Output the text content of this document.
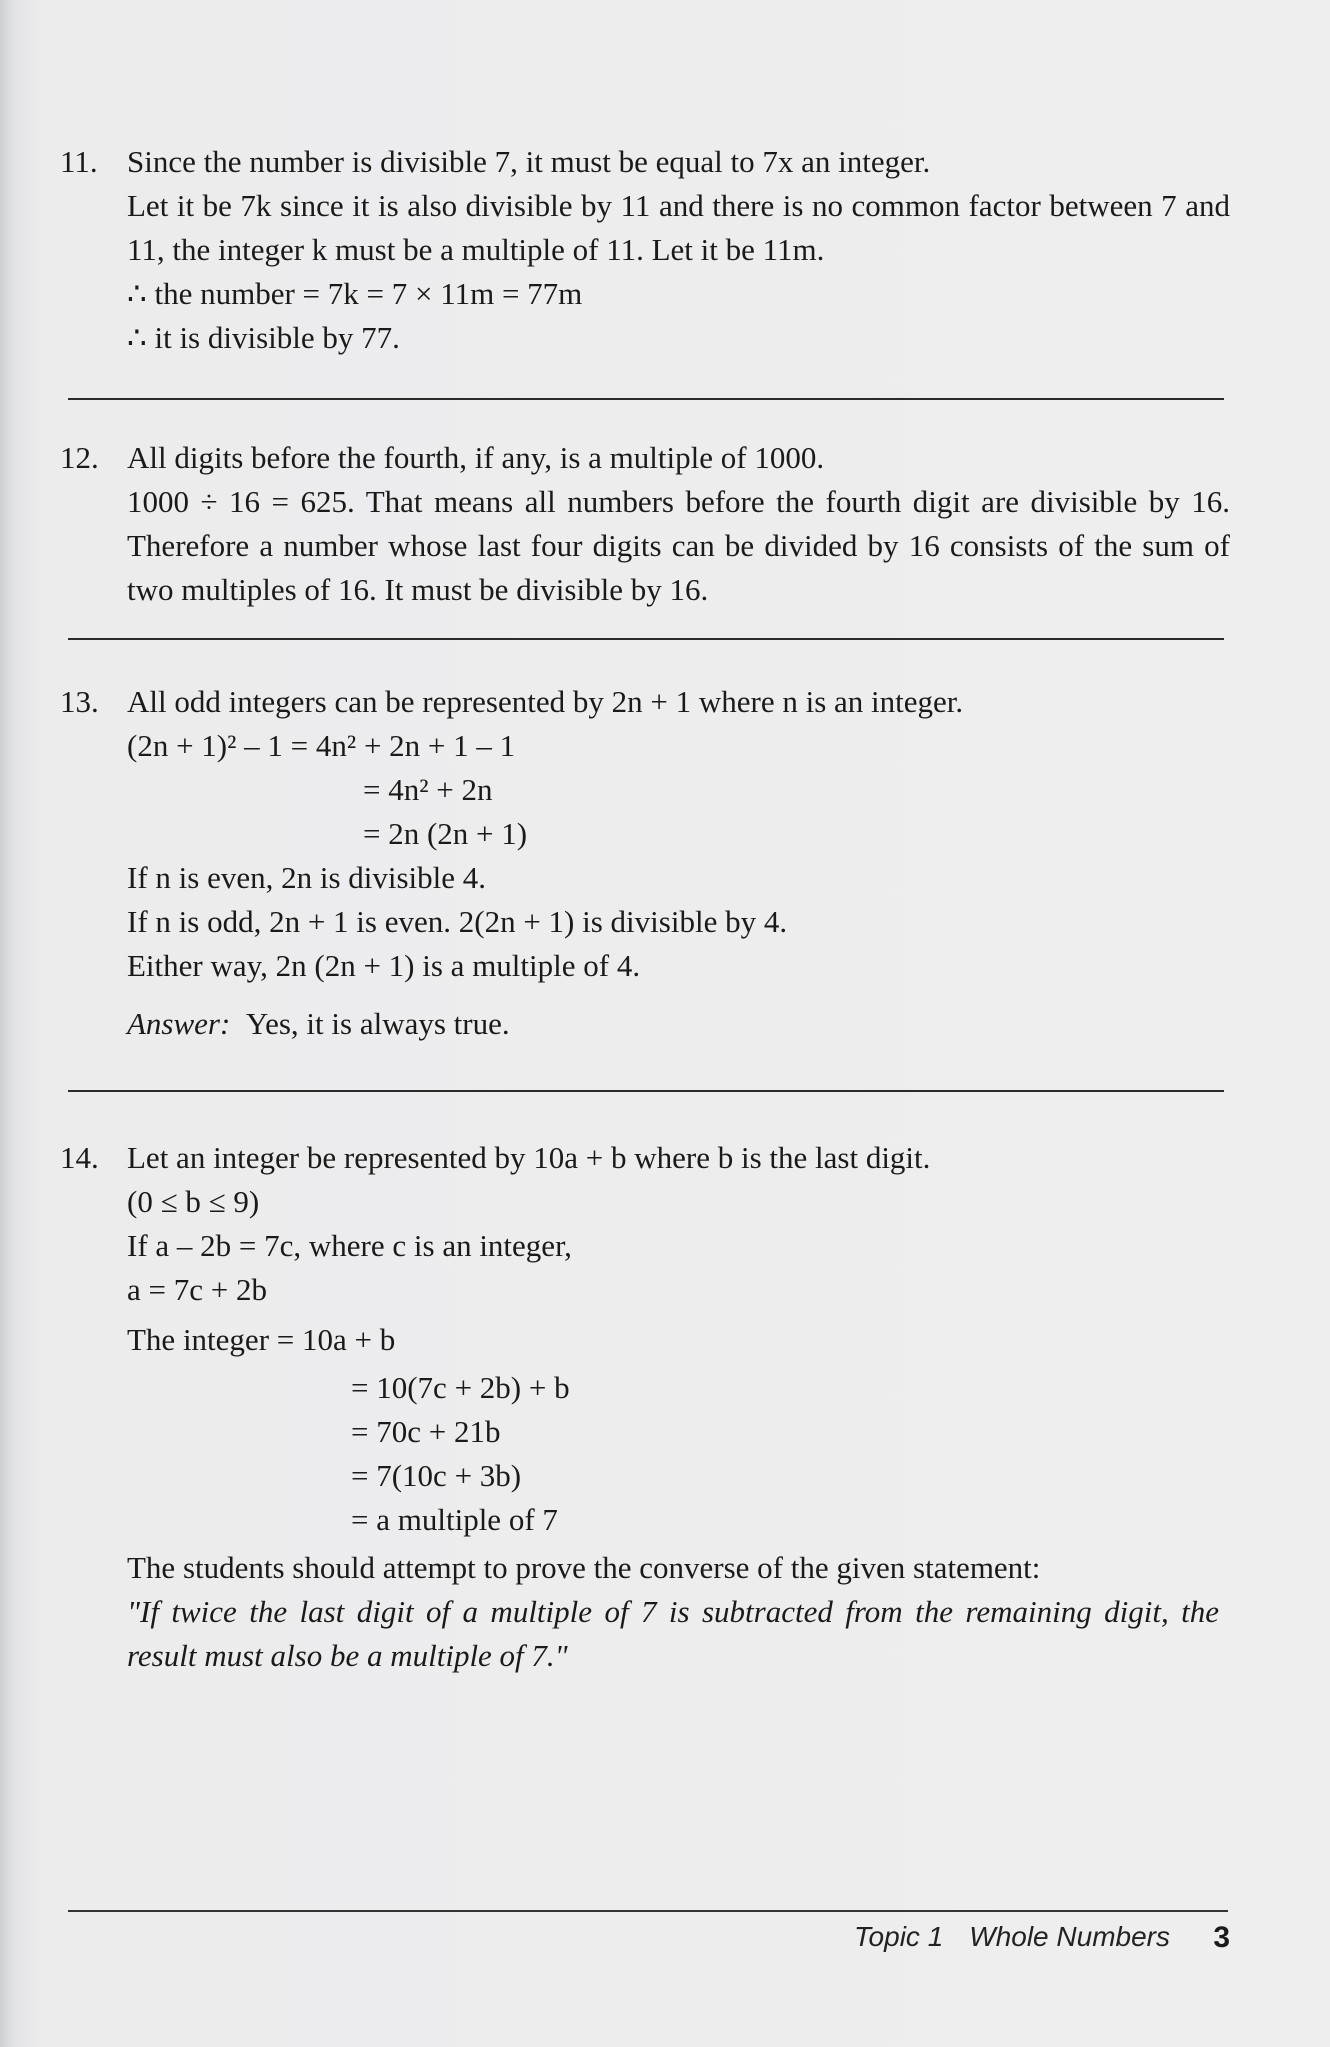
11. Since the number is divisible 7, it must be equal to 7x an integer.
Let it be 7k since it is also divisible by 11 and there is no common factor between 7 and 11, the integer k must be a multiple of 11. Let it be 11m.
∴ the number = 7k = 7 × 11m = 77m
∴ it is divisible by 77.
12. All digits before the fourth, if any, is a multiple of 1000.
1000 ÷ 16 = 625. That means all numbers before the fourth digit are divisible by 16. Therefore a number whose last four digits can be divided by 16 consists of the sum of two multiples of 16. It must be divisible by 16.
13. All odd integers can be represented by 2n + 1 where n is an integer.
(2n + 1)² – 1 = 4n² + 2n + 1 – 1
= 4n² + 2n
= 2n (2n + 1)
If n is even, 2n is divisible 4.
If n is odd, 2n + 1 is even. 2(2n + 1) is divisible by 4.
Either way, 2n (2n + 1) is a multiple of 4.
Answer: Yes, it is always true.
14. Let an integer be represented by 10a + b where b is the last digit.
(0 ≤ b ≤ 9)
If a – 2b = 7c, where c is an integer,
a = 7c + 2b
The integer = 10a + b
= 10(7c + 2b) + b
= 70c + 21b
= 7(10c + 3b)
= a multiple of 7
The students should attempt to prove the converse of the given statement:
"If twice the last digit of a multiple of 7 is subtracted from the remaining digit, the result must also be a multiple of 7."
Topic 1 Whole Numbers	3
